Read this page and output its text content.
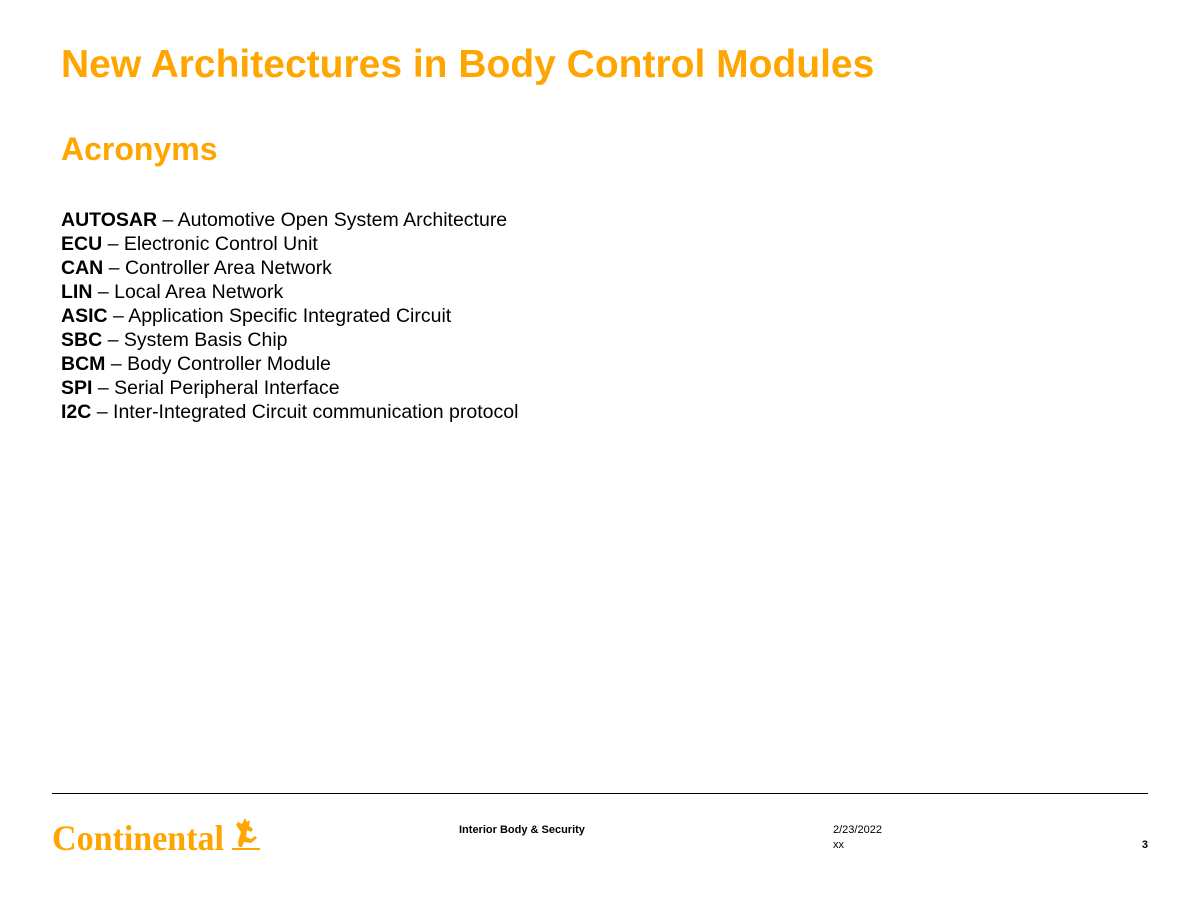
New Architectures in Body Control Modules
Acronyms
AUTOSAR – Automotive Open System Architecture
ECU – Electronic Control Unit
CAN – Controller Area Network
LIN – Local Area Network
ASIC – Application Specific Integrated Circuit
SBC – System Basis Chip
BCM – Body Controller Module
SPI – Serial Peripheral Interface
I2C – Inter-Integrated Circuit communication protocol
Continental	Interior Body & Security	2/23/2022
xx	3
